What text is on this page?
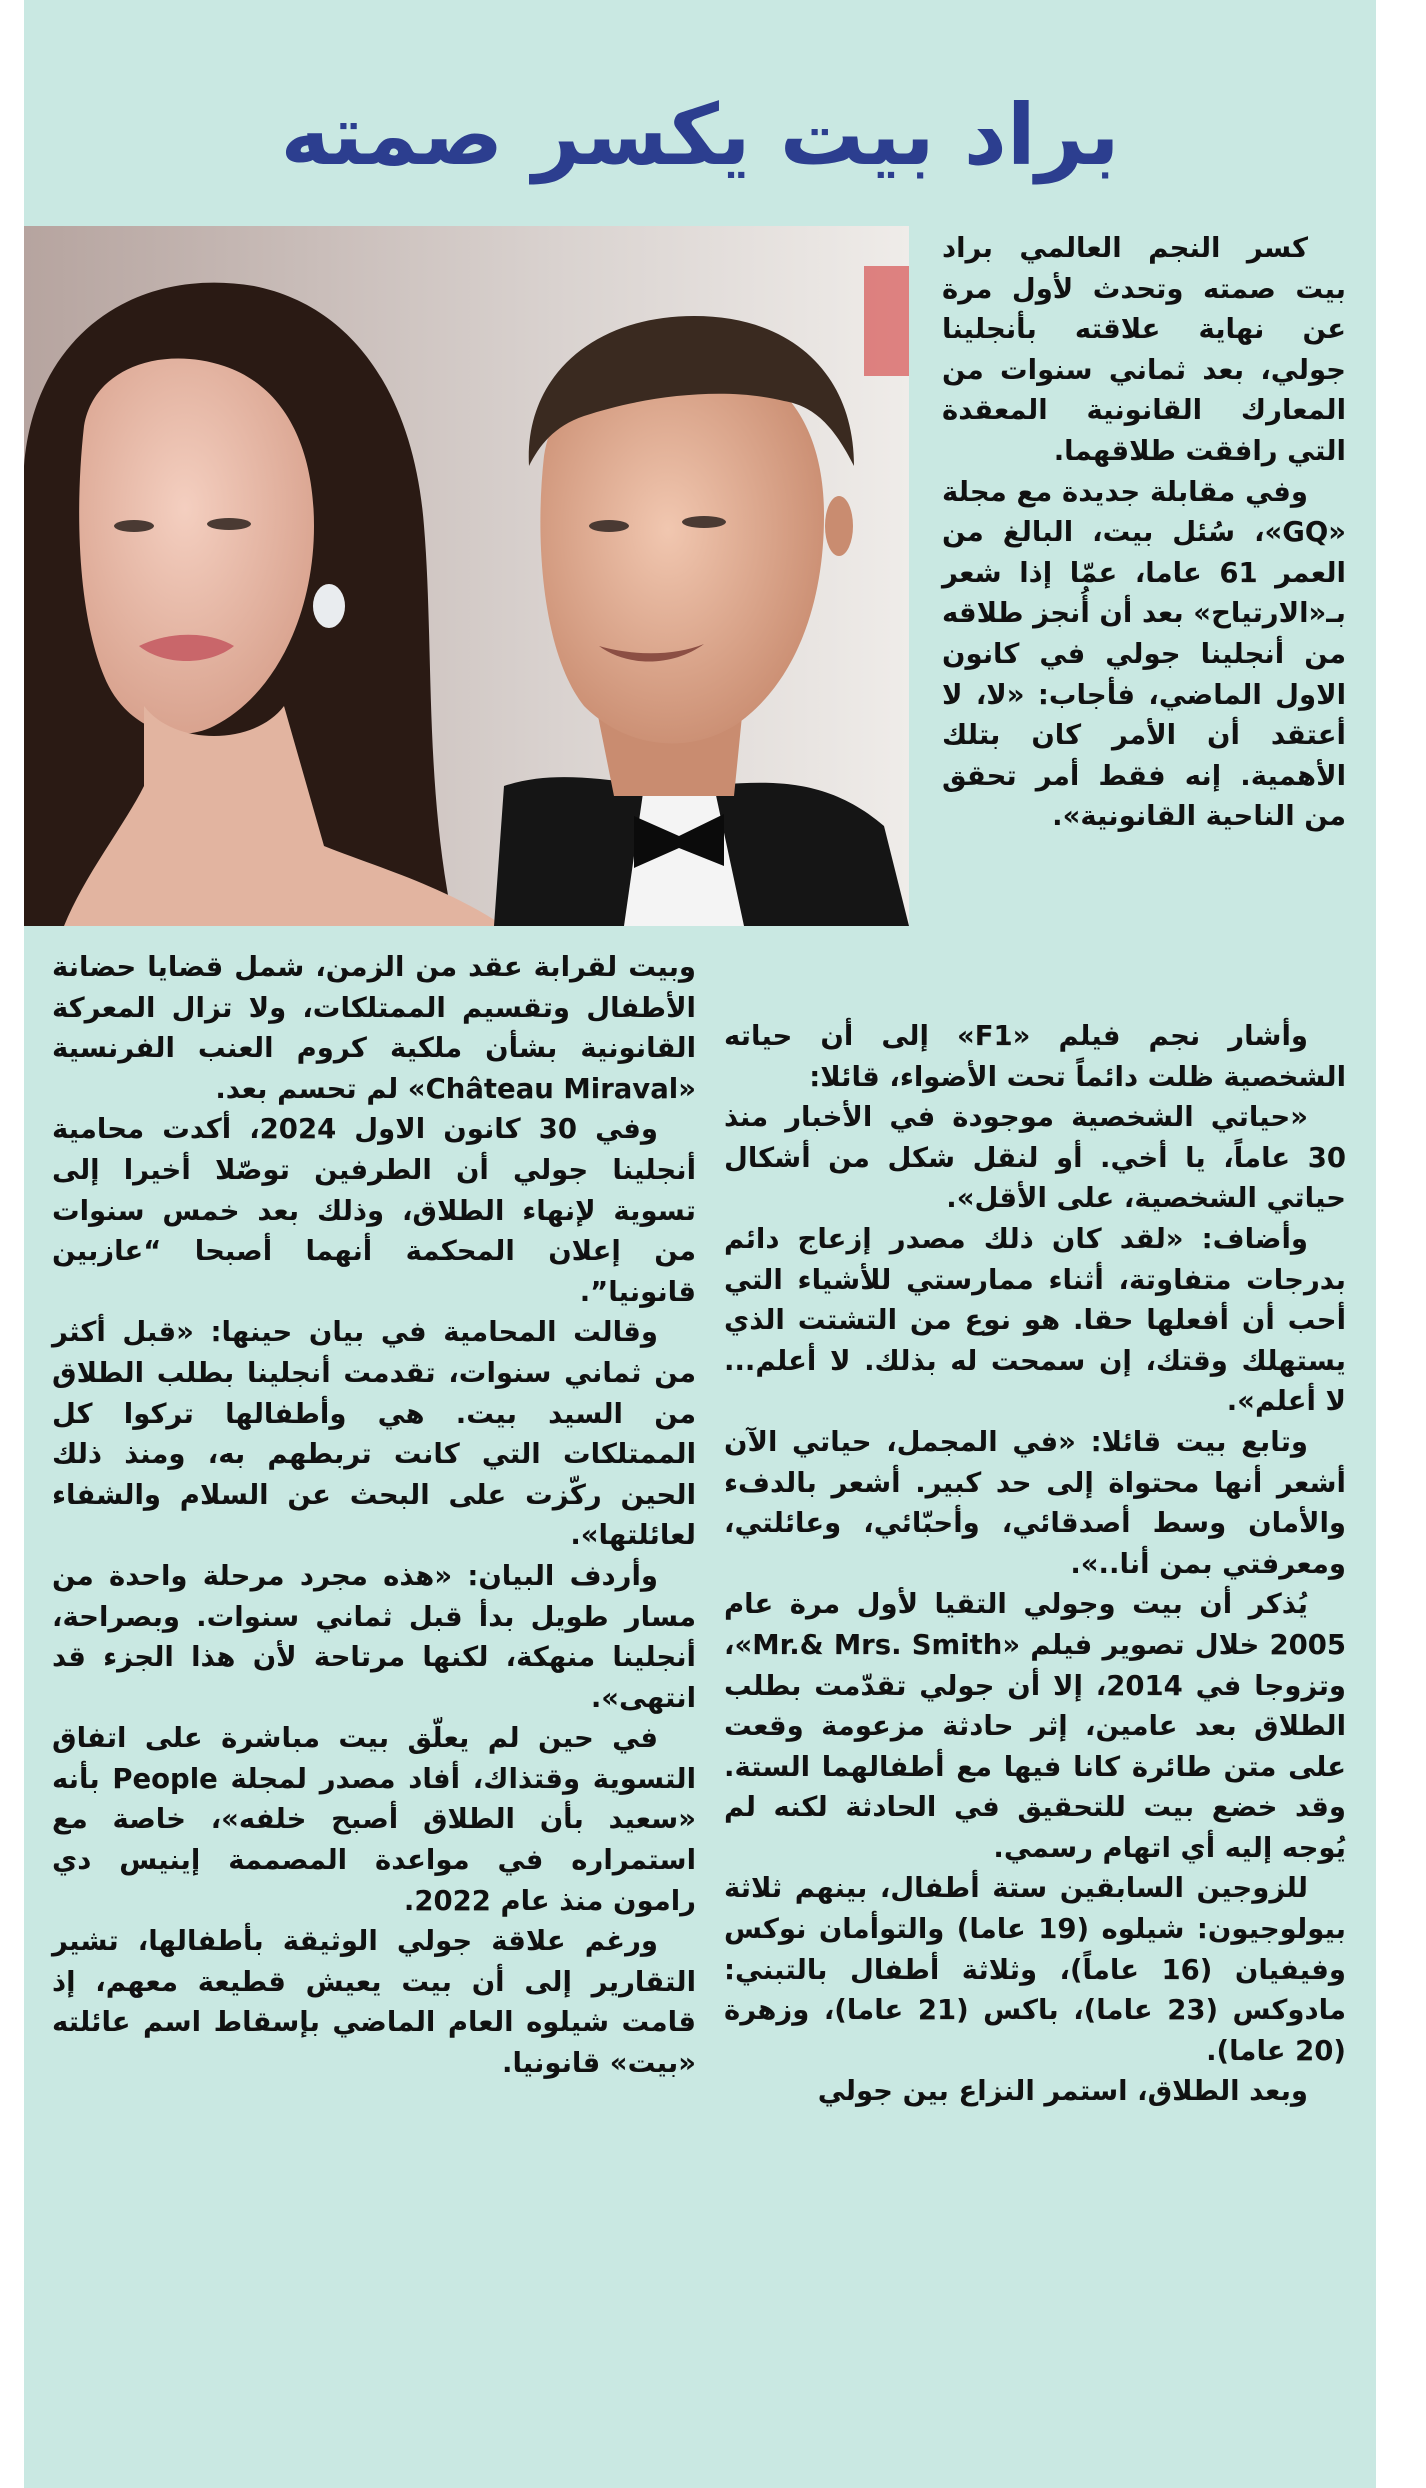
براد بيت يكسر صمته

كسر النجم العالمي براد بيت صمته وتحدث لأول مرة عن نهاية علاقته بأنجلينا جولي، بعد ثماني سنوات من المعارك القانونية المعقدة التي رافقت طلاقهما.

وفي مقابلة جديدة مع مجلة «GQ»، سُئل بيت، البالغ من العمر 61 عاما، عمّا إذا شعر بـ«الارتياح» بعد أن أُنجز طلاقه من أنجلينا جولي في كانون الاول الماضي، فأجاب: «لا، لا أعتقد أن الأمر كان بتلك الأهمية. إنه فقط أمر تحقق من الناحية القانونية».

وأشار نجم فيلم «F1» إلى أن حياته الشخصية ظلت دائماً تحت الأضواء، قائلا:

«حياتي الشخصية موجودة في الأخبار منذ 30 عاماً، يا أخي. أو لنقل شكل من أشكال حياتي الشخصية، على الأقل».

وأضاف: «لقد كان ذلك مصدر إزعاج دائم بدرجات متفاوتة، أثناء ممارستي للأشياء التي أحب أن أفعلها حقا. هو نوع من التشتت الذي يستهلك وقتك، إن سمحت له بذلك. لا أعلم... لا أعلم».

وتابع بيت قائلا: «في المجمل، حياتي الآن أشعر أنها محتواة إلى حد كبير. أشعر بالدفء والأمان وسط أصدقائي، وأحبّائي، وعائلتي، ومعرفتي بمن أنا..».

يُذكر أن بيت وجولي التقيا لأول مرة عام 2005 خلال تصوير فيلم «Mr.& Mrs. Smith»، وتزوجا في 2014، إلا أن جولي تقدّمت بطلب الطلاق بعد عامين، إثر حادثة مزعومة وقعت على متن طائرة كانا فيها مع أطفالهما الستة. وقد خضع بيت للتحقيق في الحادثة لكنه لم يُوجه إليه أي اتهام رسمي.

للزوجين السابقين ستة أطفال، بينهم ثلاثة بيولوجيون: شيلوه (19 عاما) والتوأمان نوكس وفيفيان (16 عاماً)، وثلاثة أطفال بالتبني: مادوكس (23 عاما)، باكس (21 عاما)، وزهرة (20 عاما).

وبعد الطلاق، استمر النزاع بين جولي

وبيت لقرابة عقد من الزمن، شمل قضايا حضانة الأطفال وتقسيم الممتلكات، ولا تزال المعركة القانونية بشأن ملكية كروم العنب الفرنسية «Château Miraval» لم تحسم بعد.

وفي 30 كانون الاول 2024، أكدت محامية أنجلينا جولي أن الطرفين توصّلا أخيرا إلى تسوية لإنهاء الطلاق، وذلك بعد خمس سنوات من إعلان المحكمة أنهما أصبحا “عازبين قانونيا”.

وقالت المحامية في بيان حينها: «قبل أكثر من ثماني سنوات، تقدمت أنجلينا بطلب الطلاق من السيد بيت. هي وأطفالها تركوا كل الممتلكات التي كانت تربطهم به، ومنذ ذلك الحين ركّزت على البحث عن السلام والشفاء لعائلتها».

وأردف البيان: «هذه مجرد مرحلة واحدة من مسار طويل بدأ قبل ثماني سنوات. وبصراحة، أنجلينا منهكة، لكنها مرتاحة لأن هذا الجزء قد انتهى».

في حين لم يعلّق بيت مباشرة على اتفاق التسوية وقتذاك، أفاد مصدر لمجلة People بأنه «سعيد بأن الطلاق أصبح خلفه»، خاصة مع استمراره في مواعدة المصممة إينيس دي رامون منذ عام 2022.

ورغم علاقة جولي الوثيقة بأطفالها، تشير التقارير إلى أن بيت يعيش قطيعة معهم، إذ قامت شيلوه العام الماضي بإسقاط اسم عائلته «بيت» قانونيا.
